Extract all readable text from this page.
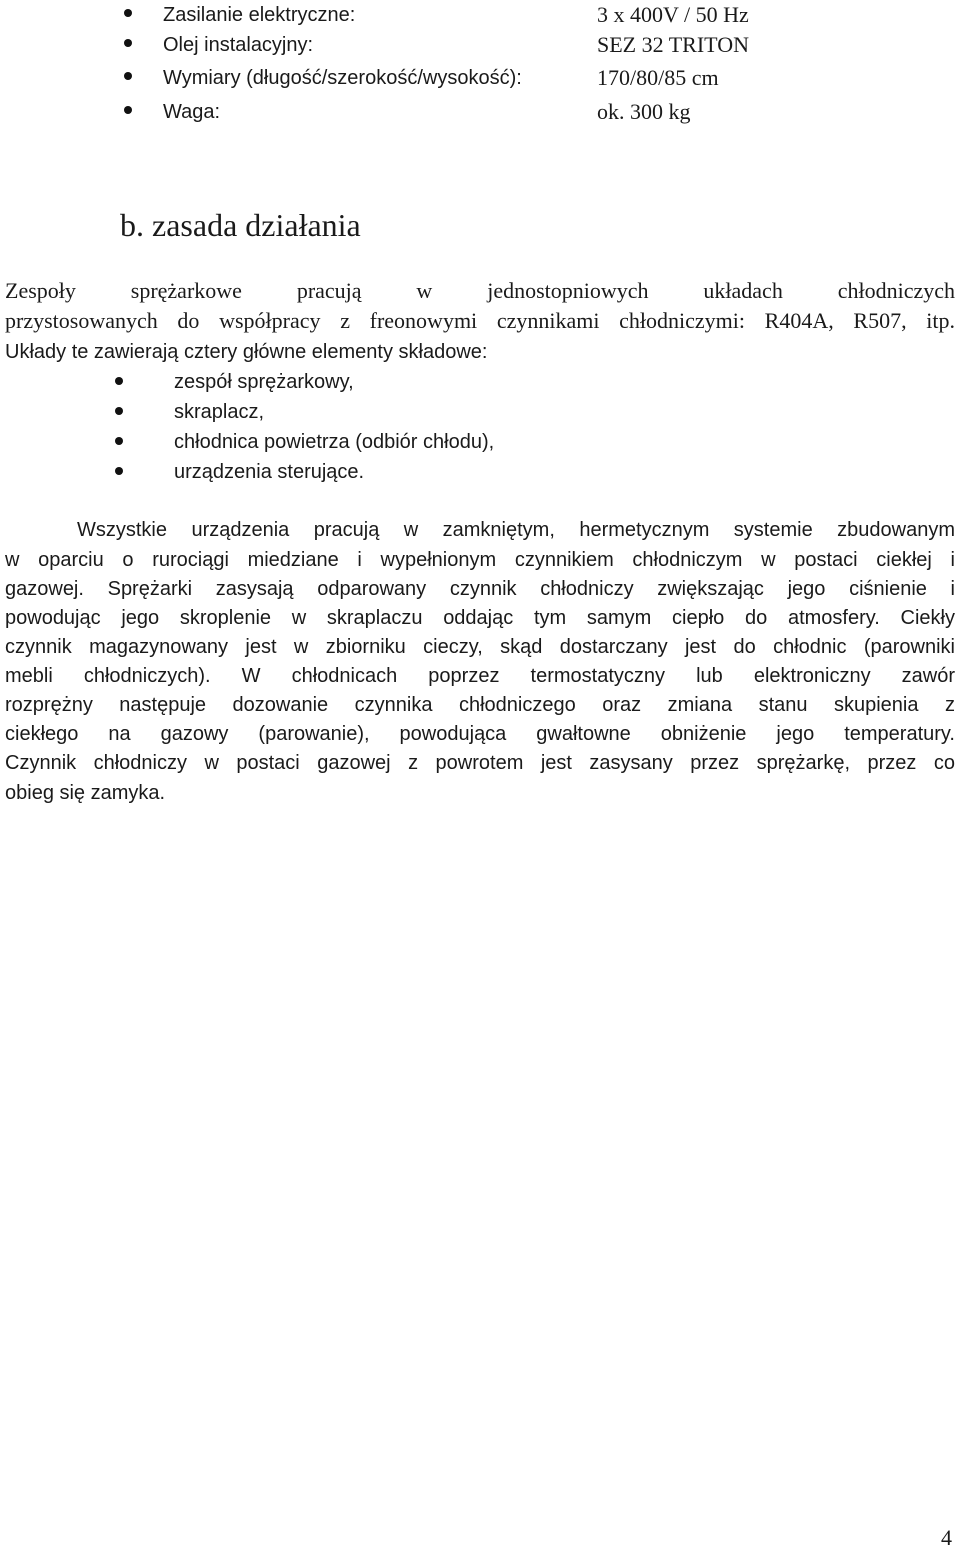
Zasilanie elektryczne:	3 x 400V / 50 Hz
Olej instalacyjny:	SEZ 32 TRITON
Wymiary (długość/szerokość/wysokość):	170/80/85 cm
Waga:	ok. 300 kg
b. zasada działania
Zespoły sprężarkowe pracują w jednostopniowych układach chłodniczych
przystosowanych do współpracy z freonowymi czynnikami chłodniczymi: R404A, R507, itp.
Układy te zawierają cztery główne elementy składowe:
zespół sprężarkowy,
skraplacz,
chłodnica powietrza (odbiór chłodu),
urządzenia sterujące.
Wszystkie urządzenia pracują w zamkniętym, hermetycznym systemie zbudowanym
w oparciu o rurociągi miedziane i wypełnionym czynnikiem chłodniczym w postaci ciekłej i
gazowej. Sprężarki zasysają odparowany czynnik chłodniczy zwiększając jego ciśnienie i
powodując jego skroplenie w skraplaczu oddając tym samym ciepło do atmosfery. Ciekły
czynnik magazynowany jest w zbiorniku cieczy, skąd dostarczany jest do chłodnic (parowniki
mebli chłodniczych). W chłodnicach poprzez termostatyczny lub elektroniczny zawór
rozprężny następuje dozowanie czynnika chłodniczego oraz zmiana stanu skupienia z
ciekłego na gazowy (parowanie), powodująca gwałtowne obniżenie jego temperatury.
Czynnik chłodniczy w postaci gazowej z powrotem jest zasysany przez sprężarkę, przez co
obieg się zamyka.
4
